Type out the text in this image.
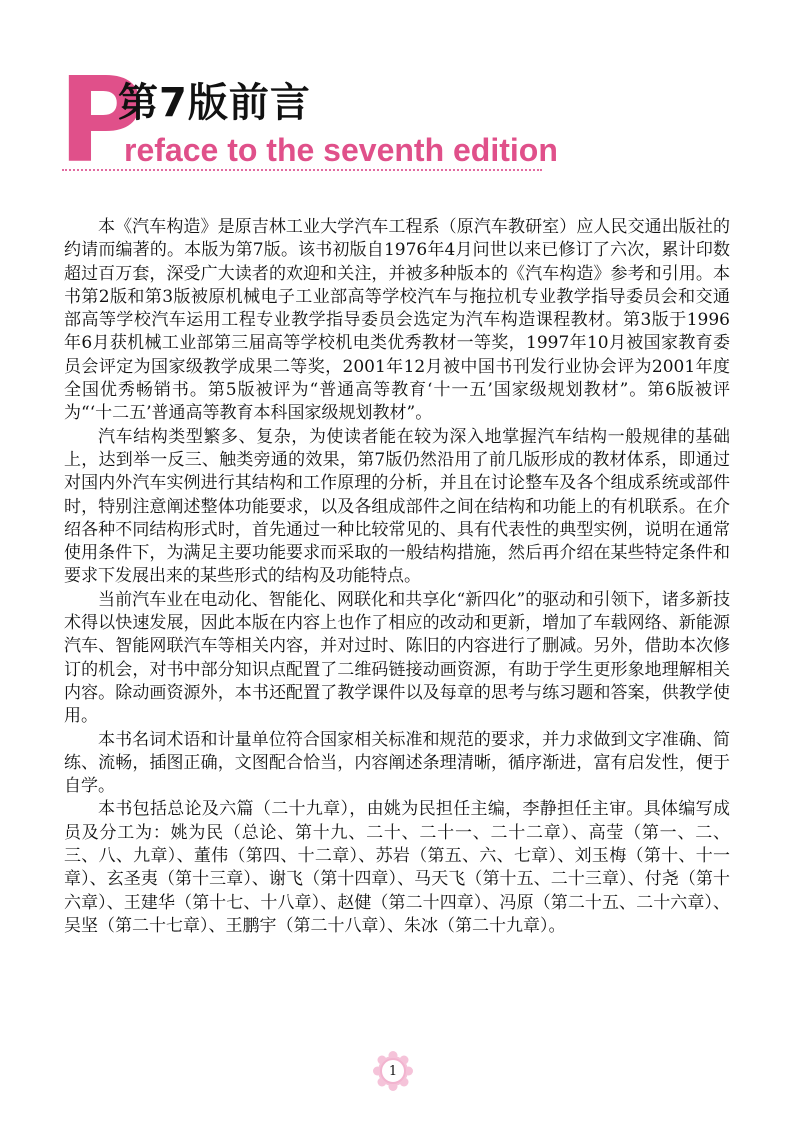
P
第7版前言
reface to the seventh edition

本《汽车构造》是原吉林工业大学汽车工程系（原汽车教研室）应人民交通出版社的约请而编著的。本版为第7版。该书初版自1976年4月问世以来已修订了六次，累计印数超过百万套，深受广大读者的欢迎和关注，并被多种版本的《汽车构造》参考和引用。本书第2版和第3版被原机械电子工业部高等学校汽车与拖拉机专业教学指导委员会和交通部高等学校汽车运用工程专业教学指导委员会选定为汽车构造课程教材。第3版于1996年6月获机械工业部第三届高等学校机电类优秀教材一等奖，1997年10月被国家教育委员会评定为国家级教学成果二等奖，2001年12月被中国书刊发行业协会评为2001年度全国优秀畅销书。第5版被评为“普通高等教育‘十一五’国家级规划教材”。第6版被评为“‘十二五’普通高等教育本科国家级规划教材”。

汽车结构类型繁多、复杂，为使读者能在较为深入地掌握汽车结构一般规律的基础上，达到举一反三、触类旁通的效果，第7版仍然沿用了前几版形成的教材体系，即通过对国内外汽车实例进行其结构和工作原理的分析，并且在讨论整车及各个组成系统或部件时，特别注意阐述整体功能要求，以及各组成部件之间在结构和功能上的有机联系。在介绍各种不同结构形式时，首先通过一种比较常见的、具有代表性的典型实例，说明在通常使用条件下，为满足主要功能要求而采取的一般结构措施，然后再介绍在某些特定条件和要求下发展出来的某些形式的结构及功能特点。

当前汽车业在电动化、智能化、网联化和共享化“新四化”的驱动和引领下，诸多新技术得以快速发展，因此本版在内容上也作了相应的改动和更新，增加了车载网络、新能源汽车、智能网联汽车等相关内容，并对过时、陈旧的内容进行了删减。另外，借助本次修订的机会，对书中部分知识点配置了二维码链接动画资源，有助于学生更形象地理解相关内容。除动画资源外，本书还配置了教学课件以及每章的思考与练习题和答案，供教学使用。

本书名词术语和计量单位符合国家相关标准和规范的要求，并力求做到文字准确、简练、流畅，插图正确，文图配合恰当，内容阐述条理清晰，循序渐进，富有启发性，便于自学。

本书包括总论及六篇（二十九章），由姚为民担任主编，李静担任主审。具体编写成员及分工为：姚为民（总论、第十九、二十、二十一、二十二章）、高莹（第一、二、三、八、九章）、董伟（第四、十二章）、苏岩（第五、六、七章）、刘玉梅（第十、十一章）、玄圣夷（第十三章）、谢飞（第十四章）、马天飞（第十五、二十三章）、付尧（第十六章）、王建华（第十七、十八章）、赵健（第二十四章）、冯原（第二十五、二十六章）、吴坚（第二十七章）、王鹏宇（第二十八章）、朱冰（第二十九章）。

1
